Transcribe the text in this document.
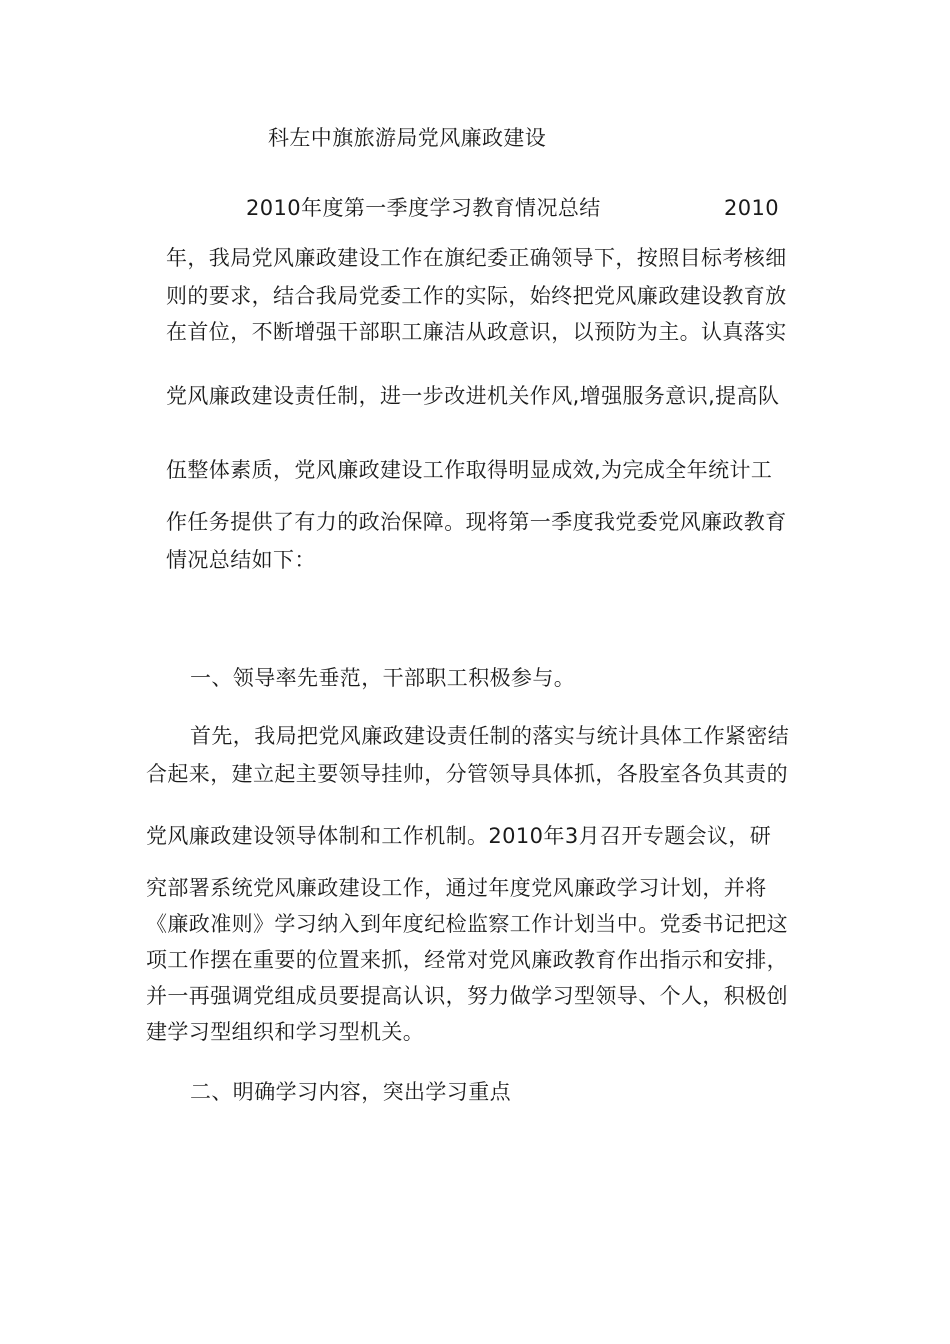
科左中旗旅游局党风廉政建设
2010年度第一季度学习教育情况总结	2010
年，我局党风廉政建设工作在旗纪委正确领导下，按照目标考核细
则的要求，结合我局党委工作的实际，始终把党风廉政建设教育放
在首位，不断增强干部职工廉洁从政意识，以预防为主。认真落实
党风廉政建设责任制，进一步改进机关作风,增强服务意识,提高队
伍整体素质，党风廉政建设工作取得明显成效,为完成全年统计工
作任务提供了有力的政治保障。现将第一季度我党委党风廉政教育
情况总结如下：
一、领导率先垂范，干部职工积极参与。
首先，我局把党风廉政建设责任制的落实与统计具体工作紧密结
合起来，建立起主要领导挂帅，分管领导具体抓，各股室各负其责的
党风廉政建设领导体制和工作机制。2010年3月召开专题会议，研
究部署系统党风廉政建设工作，通过年度党风廉政学习计划，并将
《廉政准则》学习纳入到年度纪检监察工作计划当中。党委书记把这
项工作摆在重要的位置来抓，经常对党风廉政教育作出指示和安排，
并一再强调党组成员要提高认识，努力做学习型领导、个人，积极创
建学习型组织和学习型机关。
二、明确学习内容，突出学习重点
